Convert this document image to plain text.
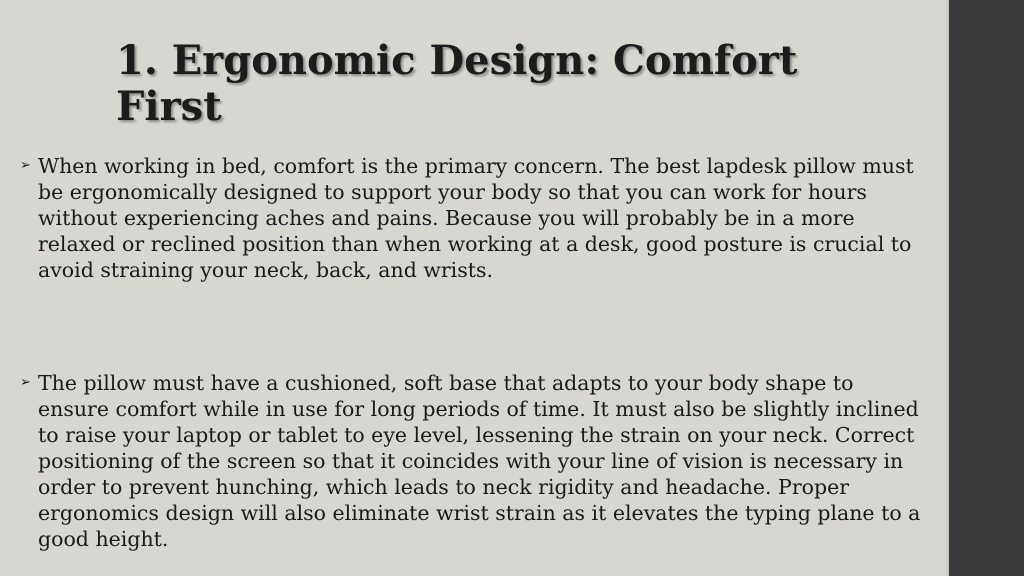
1. Ergonomic Design: Comfort First
➢ When working in bed, comfort is the primary concern. The best lapdesk pillow must be ergonomically designed to support your body so that you can work for hours without experiencing aches and pains. Because you will probably be in a more relaxed or reclined position than when working at a desk, good posture is crucial to avoid straining your neck, back, and wrists.
➢ The pillow must have a cushioned, soft base that adapts to your body shape to ensure comfort while in use for long periods of time. It must also be slightly inclined to raise your laptop or tablet to eye level, lessening the strain on your neck. Correct positioning of the screen so that it coincides with your line of vision is necessary in order to prevent hunching, which leads to neck rigidity and headache. Proper ergonomics design will also eliminate wrist strain as it elevates the typing plane to a good height.
